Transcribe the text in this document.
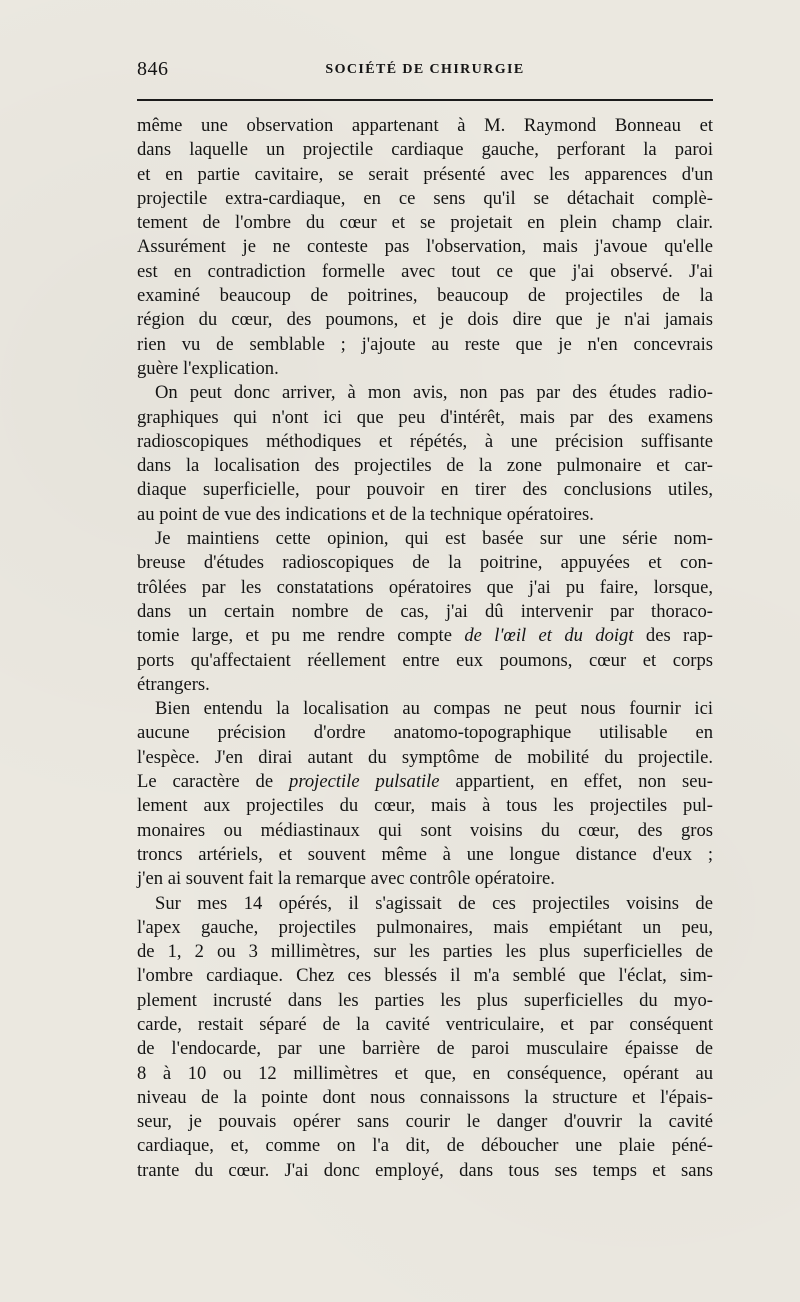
846	SOCIÉTÉ DE CHIRURGIE
même une observation appartenant à M. Raymond Bonneau et
dans laquelle un projectile cardiaque gauche, perforant la paroi
et en partie cavitaire, se serait présenté avec les apparences d'un
projectile extra-cardiaque, en ce sens qu'il se détachait complè-
tement de l'ombre du cœur et se projetait en plein champ clair.
Assurément je ne conteste pas l'observation, mais j'avoue qu'elle
est en contradiction formelle avec tout ce que j'ai observé. J'ai
examiné beaucoup de poitrines, beaucoup de projectiles de la
région du cœur, des poumons, et je dois dire que je n'ai jamais
rien vu de semblable ; j'ajoute au reste que je n'en concevrais
guère l'explication.
On peut donc arriver, à mon avis, non pas par des études radio-
graphiques qui n'ont ici que peu d'intérêt, mais par des examens
radioscopiques méthodiques et répétés, à une précision suffisante
dans la localisation des projectiles de la zone pulmonaire et car-
diaque superficielle, pour pouvoir en tirer des conclusions utiles,
au point de vue des indications et de la technique opératoires.
Je maintiens cette opinion, qui est basée sur une série nom-
breuse d'études radioscopiques de la poitrine, appuyées et con-
trôlées par les constatations opératoires que j'ai pu faire, lorsque,
dans un certain nombre de cas, j'ai dû intervenir par thoraco-
tomie large, et pu me rendre compte de l'œil et du doigt des rap-
ports qu'affectaient réellement entre eux poumons, cœur et corps
étrangers.
Bien entendu la localisation au compas ne peut nous fournir ici
aucune précision d'ordre anatomo-topographique utilisable en
l'espèce. J'en dirai autant du symptôme de mobilité du projectile.
Le caractère de projectile pulsatile appartient, en effet, non seu-
lement aux projectiles du cœur, mais à tous les projectiles pul-
monaires ou médiastinaux qui sont voisins du cœur, des gros
troncs artériels, et souvent même à une longue distance d'eux ;
j'en ai souvent fait la remarque avec contrôle opératoire.
Sur mes 14 opérés, il s'agissait de ces projectiles voisins de
l'apex gauche, projectiles pulmonaires, mais empiétant un peu,
de 1, 2 ou 3 millimètres, sur les parties les plus superficielles de
l'ombre cardiaque. Chez ces blessés il m'a semblé que l'éclat, sim-
plement incrusté dans les parties les plus superficielles du myo-
carde, restait séparé de la cavité ventriculaire, et par conséquent
de l'endocarde, par une barrière de paroi musculaire épaisse de
8 à 10 ou 12 millimètres et que, en conséquence, opérant au
niveau de la pointe dont nous connaissons la structure et l'épais-
seur, je pouvais opérer sans courir le danger d'ouvrir la cavité
cardiaque, et, comme on l'a dit, de déboucher une plaie péné-
trante du cœur. J'ai donc employé, dans tous ses temps et sans
